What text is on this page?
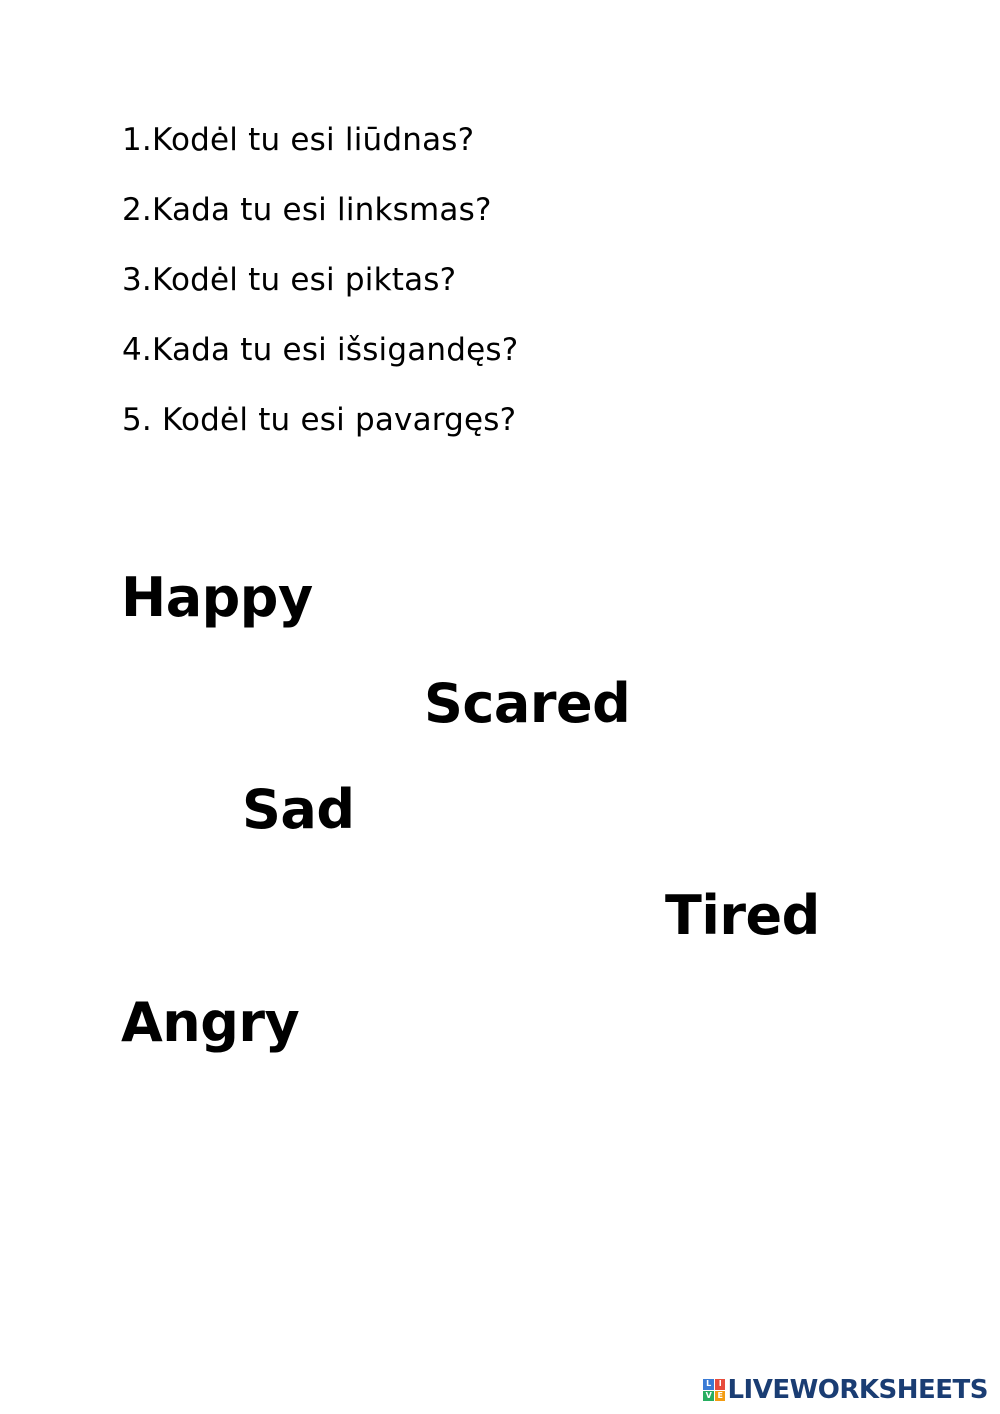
1.Kodėl tu esi liūdnas?
2.Kada tu esi linksmas?
3.Kodėl tu esi piktas?
4.Kada tu esi išsigandęs?
5. Kodėl tu esi pavargęs?
Happy
Scared
Sad
Tired
Angry
L I
V E LIVEWORKSHEETS
